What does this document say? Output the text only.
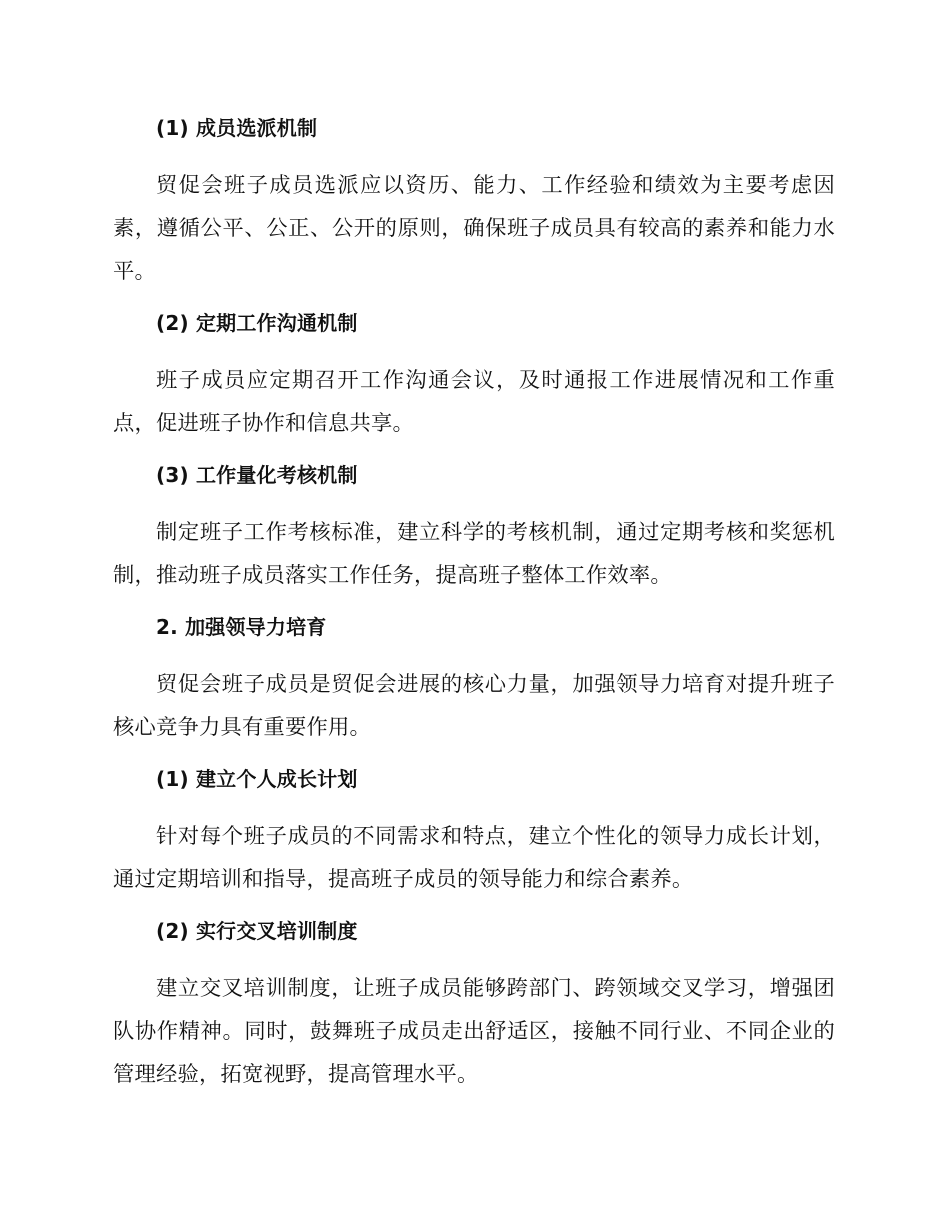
(1) 成员选派机制

贸促会班子成员选派应以资历、能力、工作经验和绩效为主要考虑因素，遵循公平、公正、公开的原则，确保班子成员具有较高的素养和能力水平。

(2) 定期工作沟通机制

班子成员应定期召开工作沟通会议，及时通报工作进展情况和工作重点，促进班子协作和信息共享。

(3) 工作量化考核机制

制定班子工作考核标准，建立科学的考核机制，通过定期考核和奖惩机制，推动班子成员落实工作任务，提高班子整体工作效率。

2. 加强领导力培育

贸促会班子成员是贸促会进展的核心力量，加强领导力培育对提升班子核心竞争力具有重要作用。

(1) 建立个人成长计划

针对每个班子成员的不同需求和特点，建立个性化的领导力成长计划，通过定期培训和指导，提高班子成员的领导能力和综合素养。

(2) 实行交叉培训制度

建立交叉培训制度，让班子成员能够跨部门、跨领域交叉学习，增强团队协作精神。同时，鼓舞班子成员走出舒适区，接触不同行业、不同企业的管理经验，拓宽视野，提高管理水平。
